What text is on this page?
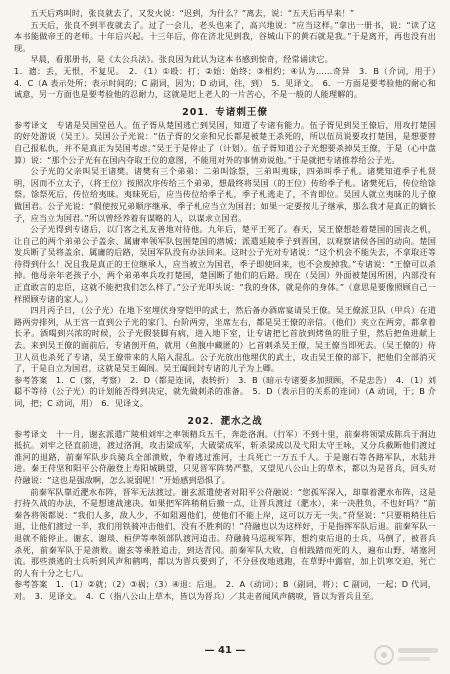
五天后鸡叫时，张良就去了，又发火说：“迟到，为什么？”离去，说：“五天后再早来！”

五天后，张良不到半夜就去了。过了一会儿，老头也来了，高兴地说：“应当这样。”拿出一册书，说：“读了这本书能做帝王的老师。十年后兴起。十三年后，你在济北见到我，谷城山下的黄石就是我。”于是离开，再也没有出现。

早晨，看那册书，是《太公兵法》。张良因为此认为这本书感到惊奇，经常诵读它。

1．遗：丢，无恨，不复见。　2．（1）①殴：打；②始：始终；③相约；④认为……奇异　3．B（介词，用于）　4．C（A 表示处所；表示时间的；C 副词，因为；D 动词，往，到）　5．见译文。　6．一方面是要考验他的耐心和诚意，另一方面也是要考验他的忍耐力，这就是圯上老人的一片苦心，不是一般的人能理解的。

201．专诸刺王僚

参考译文　专诸是吴国堂邑人。伍子胥从楚国逃亡到吴国，知道了专诸有能力。伍子胥见到吴王僚后，用攻打楚国的好处游说（吴王）。吴国公子光说：“伍子胥的父亲和兄长都是被楚王杀死的，所以伍员说要攻打楚国，是想要替自己报私仇，并不是真正为吴国考虑。”吴王于是停止了（计划）。伍子胥知道公子光想要杀掉吴王僚，于是（心中盘算）说：“那个公子光有在国内夺取王位的意图，不能用对外的事情劝说他。”于是就把专诸推荐给公子光。

公子光的父亲叫吴王诸樊。诸樊有三个弟弟：二弟叫馀祭，三弟叫夷昧，四弟叫季子札。诸樊知道季子札贤明，因而不立太子，（将王位）按照次序传给三个弟弟，想最终将吴国（的王位）传给季子札。诸樊死后，传位给馀祭。馀祭死后，传位给夷昧。夷昧死后，应当传位给季子札，季子札逃走了，不肯即位。吴国人就立夷昧的儿子僚做国君。公子光说：“假使按兄弟顺序继承，季子札应当立为国君；如果一定要按儿子继承，那么我才是真正的嫡长子，应当立为国君。”所以曾经养着有谋略的人，以谋求立国君。

公子光得到专诸后，以门客之礼友善地对待他。九年后，楚平王死了。春天，吴王僚想趁着楚国的国丧之机，让自己的两个弟弟公子盖余、属庸率领军队包围楚国的潜城；派遣延陵季子到晋国，以观察诸侯各国的动向。楚国发兵断了吴将盖余、属庸的后路，吴国军队没有办法回来。这时公子光对专诸说：“这个机会不能失去，不拿取还等待得到什么！况且我是真正的王位继承人，应当被立为国君，季子即使回来，也不会废掉我。”专诸说：“王僚可以杀掉。他母亲年老孩子小，两个弟弟率兵攻打楚国，楚国断了他们的后路。现在（吴国）外面被楚国所困，内部没有正直敢言的忠臣，这就不能把我们怎么样了。”公子光叩头说：“我的身体，就是你的身体。”（意思是要像照顾自己一样照顾专诸的家人。）

四月丙子日，（公子光）在地下室埋伏身穿铠甲的武士，然后备办酒席宴请吴王僚。吴王僚派卫队（甲兵）在道路两旁排列，从王宫一直到公子光的家门、台阶两旁，坐席左右，都是吴王僚的亲信。（他们）夹立在两旁，都拿着长矛。酒喝到兴浓的时候，公子光假装脚有病，进入地下室，让专诸把匕首放到烤鱼的肚子里，然后把鱼进献上去。来到吴王僚的面前后，专诸剖开鱼，就用（鱼腹中藏匿的）匕首刺杀吴王僚，吴王僚当即死去。（吴王僚的）侍卫人员也杀死了专诸，吴王僚带来的人陷入混乱。公子光放出他埋伏的武士，攻击吴王僚的部下，把他们全部消灭了，于是自立为国君，这就是吴王阖闾。吴王阖闾封专诸的儿子为上卿。

参考答案　1．C（察，考察）　2．D（都是连词，表转折）　3．B（暗示专诸要多加照顾，不是忠告）　4．（1）刘聪不等待（公子光）的计划能否得到决定，就先做刺杀的准备。　5．D（表示目的关系的连词）（A 动词，于；B 介词，把；C 动词，用）　6．见译文。

202．淝水之战

参考译文　十一月，谢玄派遣广陵相刘牢之率领精兵五千，奔赴洛涧。（行军）不到十里，前秦将领梁成陈兵于涧边抵抗。刘牢之径直前进，渡过洛涧，攻击梁成军，大破梁成军，斩杀梁成以及弋阳太守王咏，又分兵截断他们渡过淮河的退路，前秦军队步兵骑兵全部溃败，争着逃过淮河，士兵死亡一万五千人。于是谢石等各路军队，水陆并进。秦王苻坚和阳平公苻融登上寿阳城眺望，只见晋军阵势严整，又望见八公山上的草木，都以为是晋兵，回头对苻融说：“这也是强敌啊，怎么说弱呢！”开始感到恐惧了。

前秦军队靠近淝水布阵，晋军无法渡过。谢玄派遣使者对阳平公苻融说：“您孤军深入，却靠着淝水布阵，这是打持久战的办法，不是想速战速决。如果把军阵稍稍后撤一点，让晋兵渡过（淝水），来一决胜负，不也好吗？”前秦各将领都说：“我们人多，敌人少，不如阻遏他们，使他们不能上岸，这可以万无一失。”苻坚说：“只要稍稍往后退，让他们渡过一半，我们用铁骑冲击他们，没有不胜利的！”苻融也以为这样好，于是指挥军队后退。前秦军队一退就不能停止。谢玄、谢琰、桓伊等率领部队渡河追击。苻融骑马巡视军阵，想约束后退的士兵，马倒了，被晋兵杀死，前秦军队于是溃败。谢玄等乘胜追击，到达青冈。前秦军队大败，自相践踏而死的人，遍布山野、堵塞河流。那些溃逃的士兵听到风声和鹤鸣，都以为晋兵要到了，不分昼夜地逃跑，在草野中露宿，加上饥寒交迫，死亡的人有十分之七八。

参考答案　1．（1）②就；（2）③祸；（3）④退：后退。　2．A（动词）；B（副词，将）；C 副词，一起；D 代词，对。　3．见译文。　4．C（指八公山上草木，皆以为晋兵）／其走者闻风声鹤唳，皆以为晋兵且至。

— 41 —
